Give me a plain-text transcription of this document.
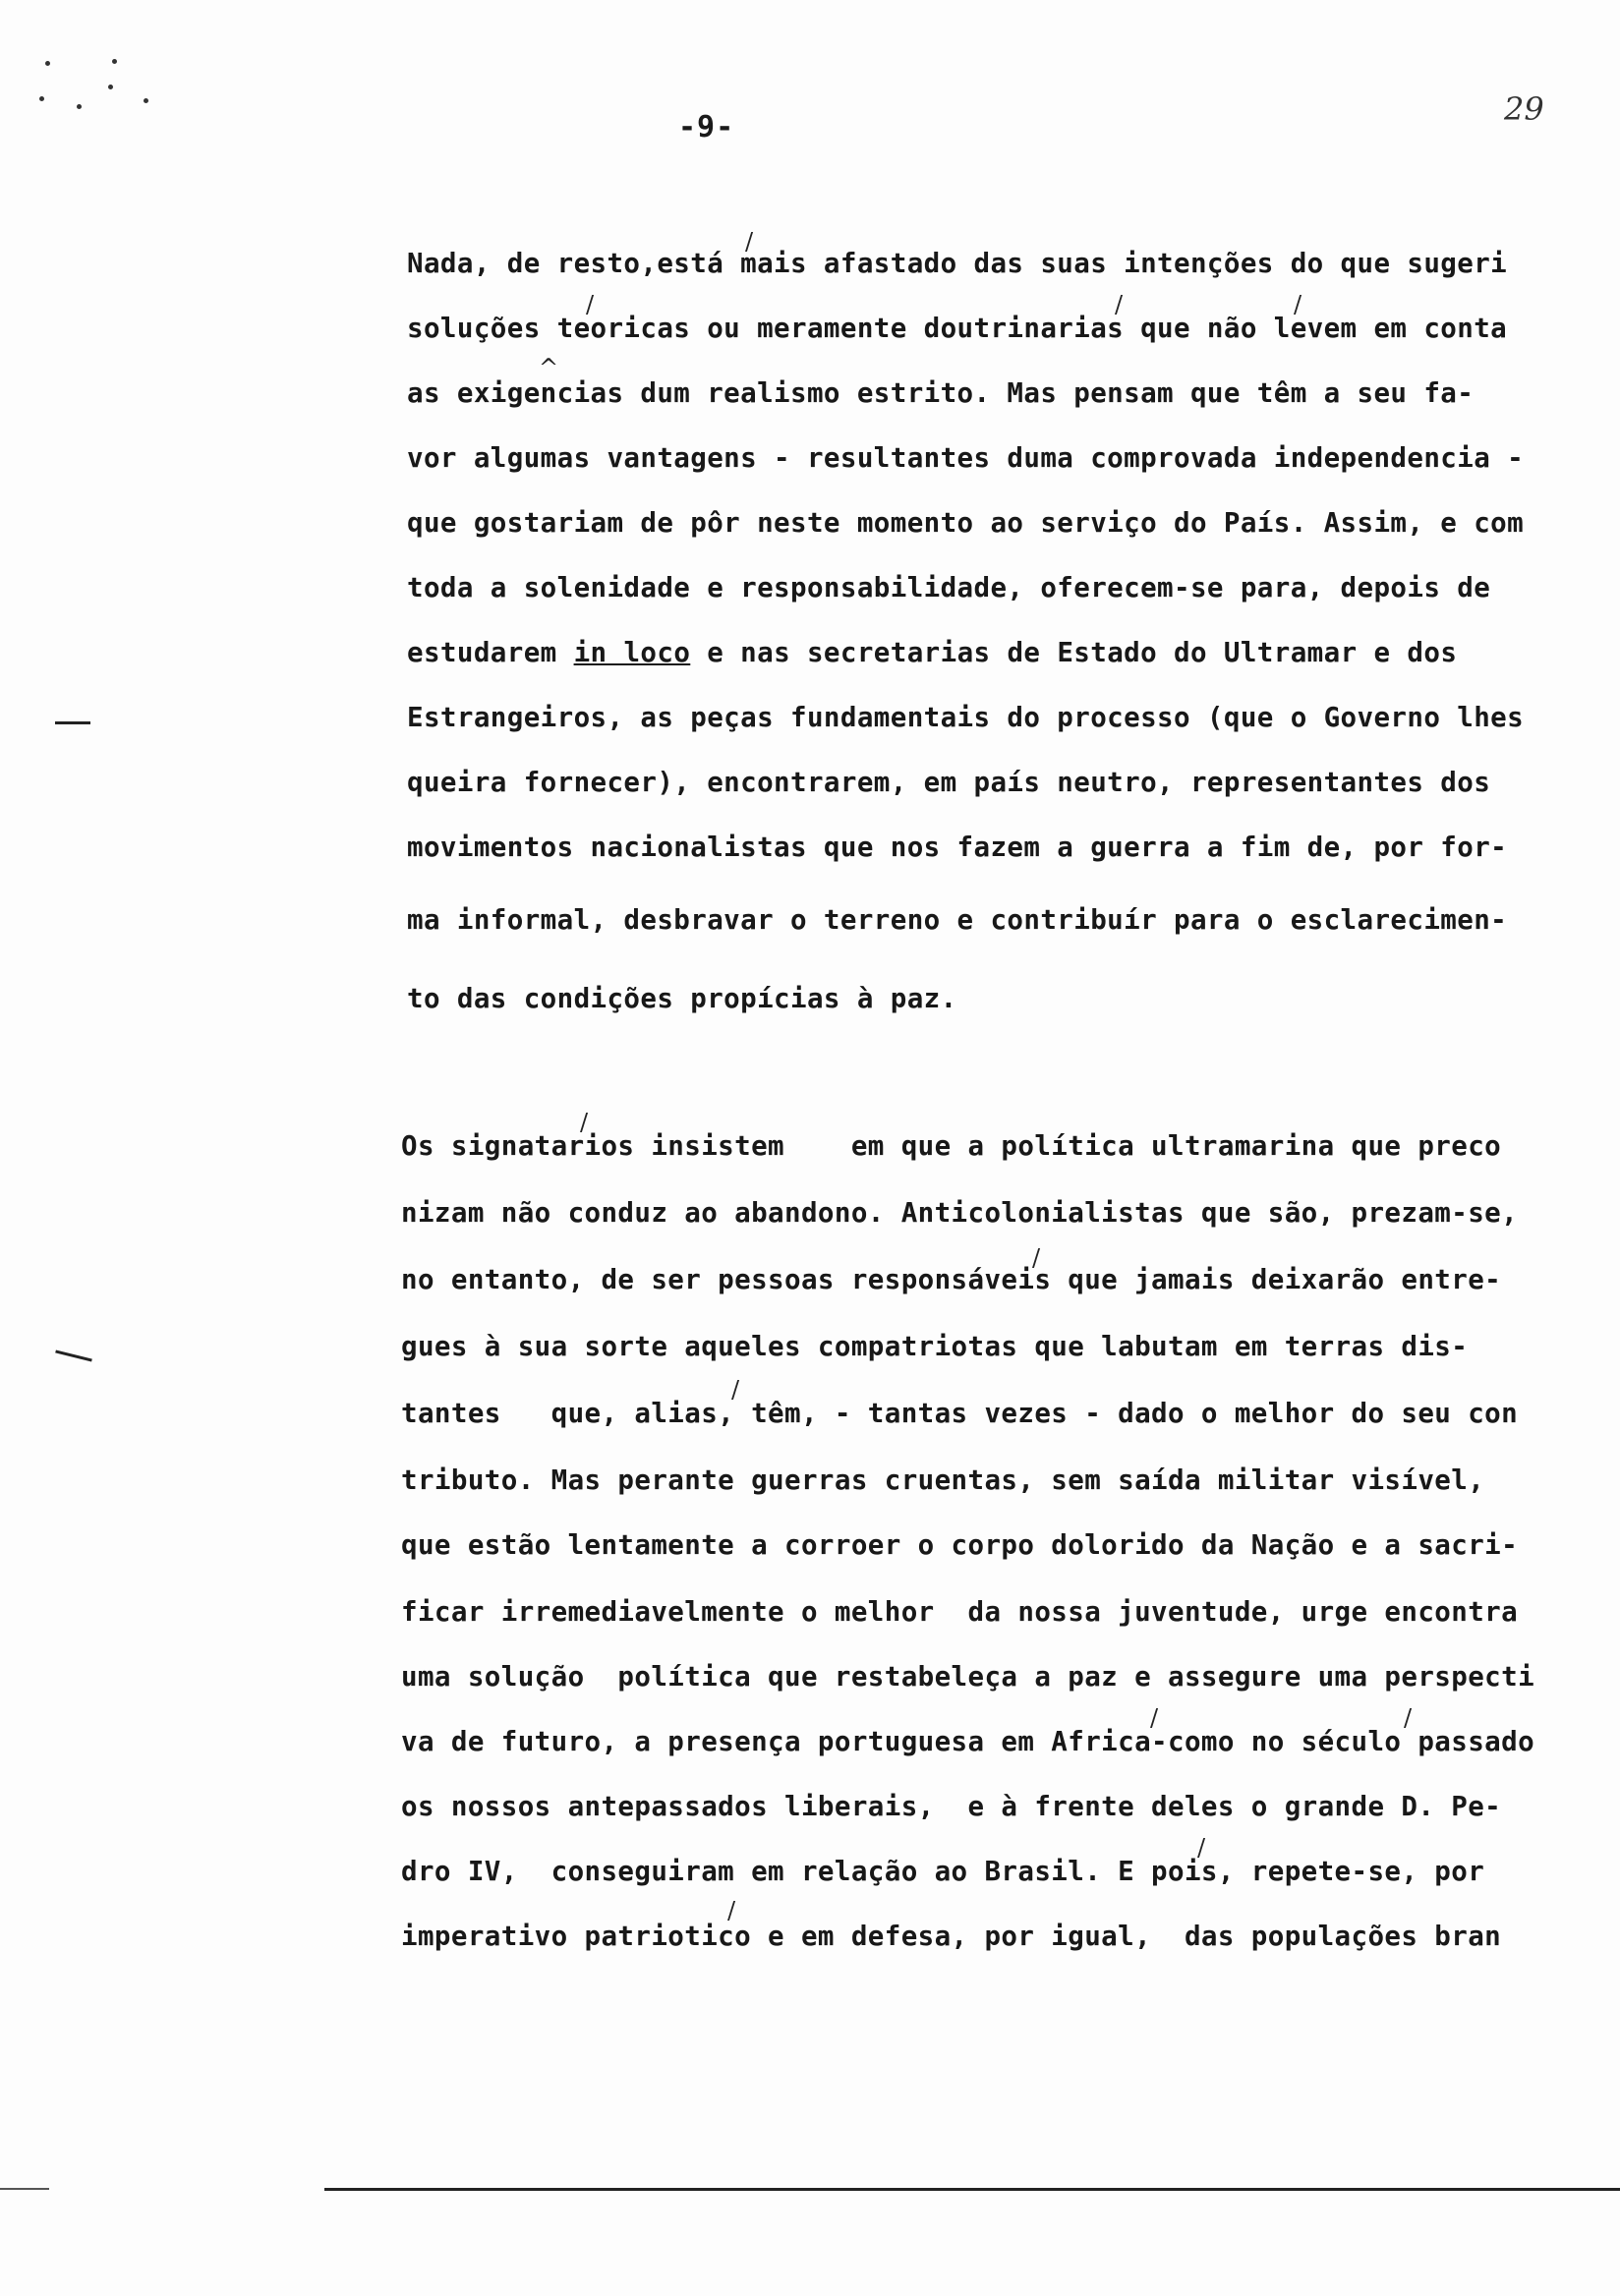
-9-	29
Nada, de resto,está mais afastado das suas intenções do que sugeri
soluções teoricas ou meramente doutrinarias que não levem em conta
as exigencias dum realismo estrito. Mas pensam que têm a seu fa-
vor algumas vantagens - resultantes duma comprovada independencia -
que gostariam de pôr neste momento ao serviço do País. Assim, e com
toda a solenidade e responsabilidade, oferecem-se para, depois de
estudarem in loco e nas secretarias de Estado do Ultramar e dos
Estrangeiros, as peças fundamentais do processo (que o Governo lhes
queira fornecer), encontrarem, em país neutro, representantes dos
movimentos nacionalistas que nos fazem a guerra a fim de, por for-
ma informal, desbravar o terreno e contribuír para o esclarecimen-
to das condições propícias à paz.
Os signatarios insistem    em que a política ultramarina que preco
nizam não conduz ao abandono. Anticolonialistas que são, prezam-se,
no entanto, de ser pessoas responsáveis que jamais deixarão entre-
gues à sua sorte aqueles compatriotas que labutam em terras dis-
tantes   que, alias, têm, - tantas vezes - dado o melhor do seu con
tributo. Mas perante guerras cruentas, sem saída militar visível,
que estão lentamente a corroer o corpo dolorido da Nação e a sacri-
ficar irremediavelmente o melhor  da nossa juventude, urge encontra
uma solução  política que restabeleça a paz e assegure uma perspecti
va de futuro, a presença portuguesa em Africa-como no século passado
os nossos antepassados liberais,  e à frente deles o grande D. Pe-
dro IV,  conseguiram em relação ao Brasil. E pois, repete-se, por
imperativo patriotico e em defesa, por igual,  das populações bran
/
/	/	/
^
/
/
/
/	/
/
/
